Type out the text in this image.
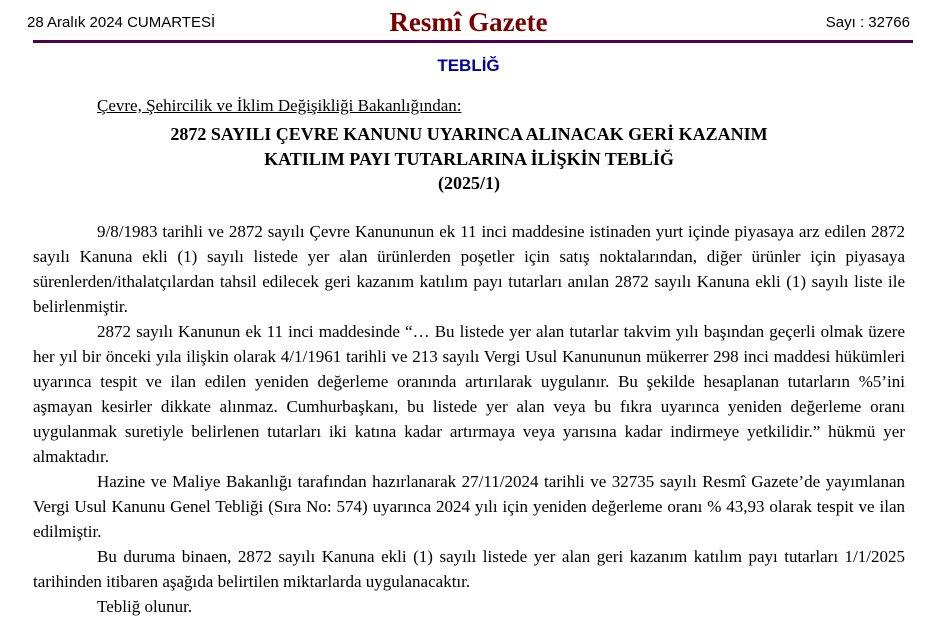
28 Aralık 2024 CUMARTESİ	Resmî Gazete	Sayı : 32766
TEBLİĞ
Çevre, Şehircilik ve İklim Değişikliği Bakanlığından:
2872 SAYILI ÇEVRE KANUNU UYARINCA ALINACAK GERİ KAZANIM
KATILIM PAYI TUTARLARINA İLİŞKİN TEBLİĞ
(2025/1)

9/8/1983 tarihli ve 2872 sayılı Çevre Kanununun ek 11 inci maddesine istinaden yurt içinde piyasaya arz edilen 2872 sayılı Kanuna ekli (1) sayılı listede yer alan ürünlerden poşetler için satış noktalarından, diğer ürünler için piyasaya sürenlerden/ithalatçılardan tahsil edilecek geri kazanım katılım payı tutarları anılan 2872 sayılı Kanuna ekli (1) sayılı liste ile belirlenmiştir.

2872 sayılı Kanunun ek 11 inci maddesinde “… Bu listede yer alan tutarlar takvim yılı başından geçerli olmak üzere her yıl bir önceki yıla ilişkin olarak 4/1/1961 tarihli ve 213 sayılı Vergi Usul Kanununun mükerrer 298 inci maddesi hükümleri uyarınca tespit ve ilan edilen yeniden değerleme oranında artırılarak uygulanır. Bu şekilde hesaplanan tutarların %5’ini aşmayan kesirler dikkate alınmaz. Cumhurbaşkanı, bu listede yer alan veya bu fıkra uyarınca yeniden değerleme oranı uygulanmak suretiyle belirlenen tutarları iki katına kadar artırmaya veya yarısına kadar indirmeye yetkilidir.” hükmü yer almaktadır.

Hazine ve Maliye Bakanlığı tarafından hazırlanarak 27/11/2024 tarihli ve 32735 sayılı Resmî Gazete’de yayımlanan Vergi Usul Kanunu Genel Tebliği (Sıra No: 574) uyarınca 2024 yılı için yeniden değerleme oranı % 43,93 olarak tespit ve ilan edilmiştir.

Bu duruma binaen, 2872 sayılı Kanuna ekli (1) sayılı listede yer alan geri kazanım katılım payı tutarları 1/1/2025 tarihinden itibaren aşağıda belirtilen miktarlarda uygulanacaktır.

Tebliğ olunur.
